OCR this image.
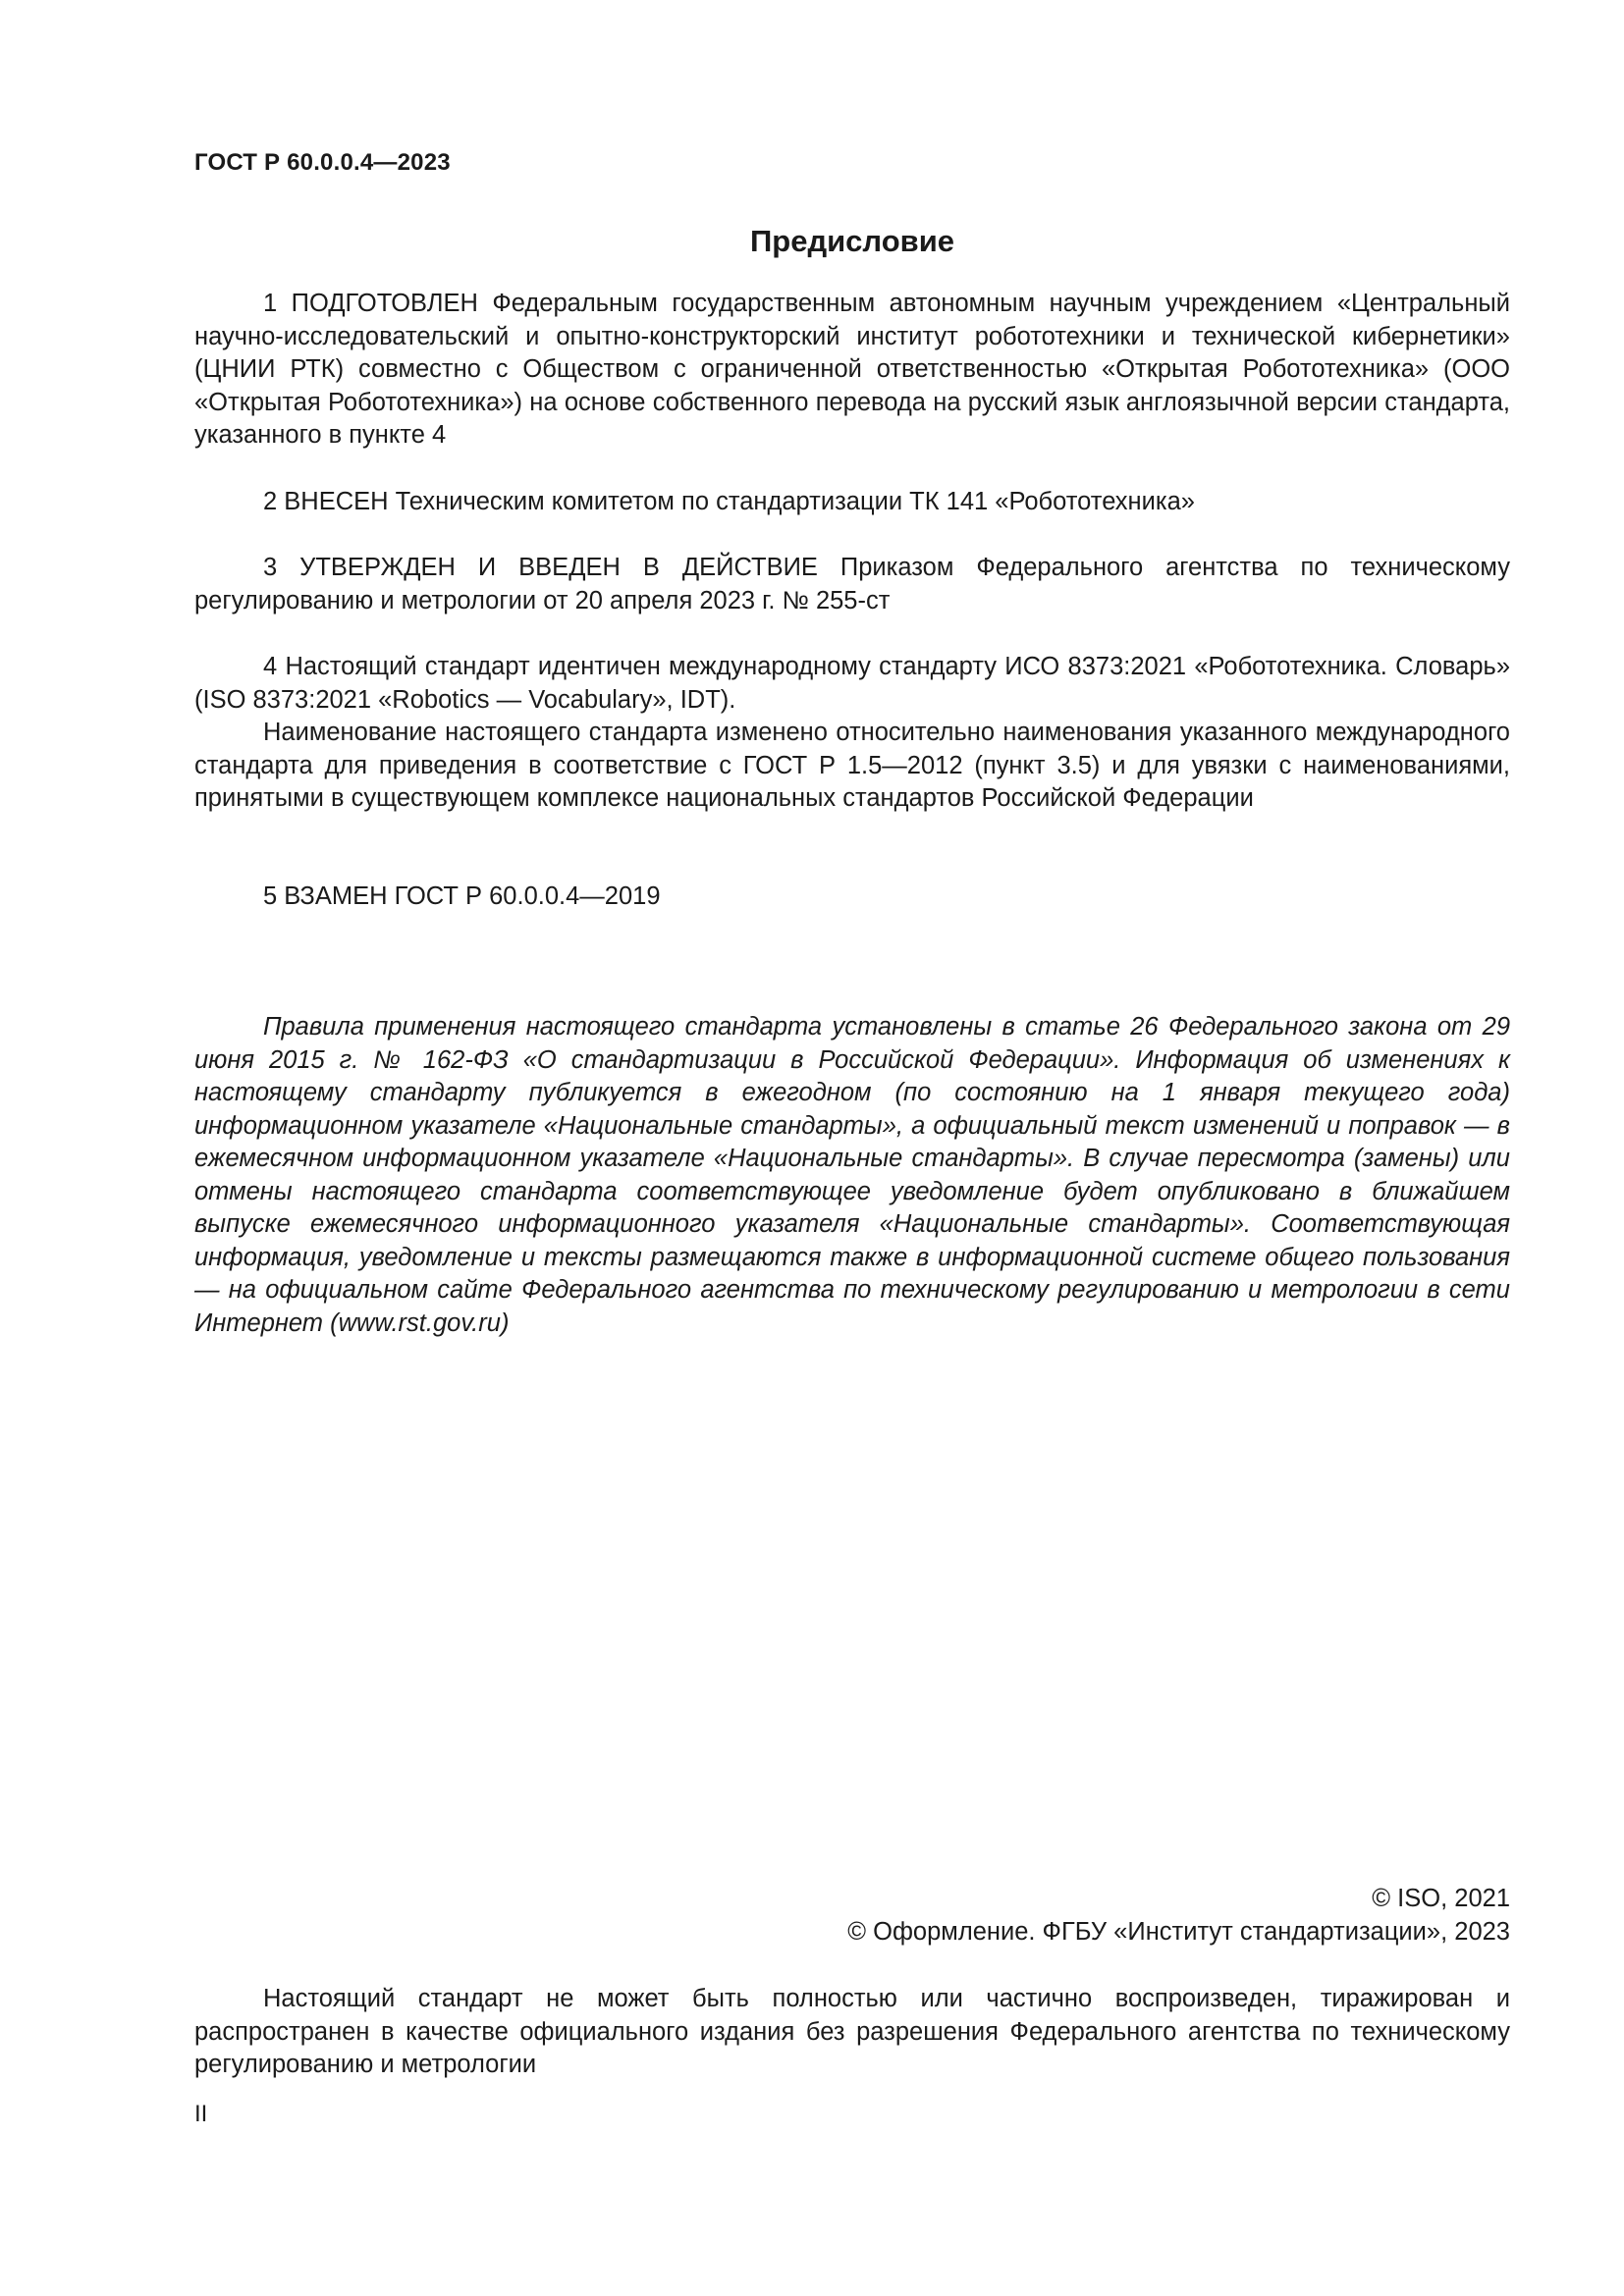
ГОСТ Р 60.0.0.4—2023
Предисловие

1 ПОДГОТОВЛЕН Федеральным государственным автономным научным учреждением «Центральный научно-исследовательский и опытно-конструкторский институт робототехники и технической кибернетики» (ЦНИИ РТК) совместно с Обществом с ограниченной ответственностью «Открытая Робототехника» (ООО «Открытая Робототехника») на основе собственного перевода на русский язык англоязычной версии стандарта, указанного в пункте 4

2 ВНЕСЕН Техническим комитетом по стандартизации ТК 141 «Робототехника»

3 УТВЕРЖДЕН И ВВЕДЕН В ДЕЙСТВИЕ Приказом Федерального агентства по техническому регулированию и метрологии от 20 апреля 2023 г. № 255-ст

4 Настоящий стандарт идентичен международному стандарту ИСО 8373:2021 «Робототехника. Словарь» (ISO 8373:2021 «Robotics — Vocabulary», IDT).

Наименование настоящего стандарта изменено относительно наименования указанного международного стандарта для приведения в соответствие с ГОСТ Р 1.5—2012 (пункт 3.5) и для увязки с наименованиями, принятыми в существующем комплексе национальных стандартов Российской Федерации

5 ВЗАМЕН ГОСТ Р 60.0.0.4—2019

Правила применения настоящего стандарта установлены в статье 26 Федерального закона от 29 июня 2015 г. № 162-ФЗ «О стандартизации в Российской Федерации». Информация об изменениях к настоящему стандарту публикуется в ежегодном (по состоянию на 1 января текущего года) информационном указателе «Национальные стандарты», а официальный текст изменений и поправок — в ежемесячном информационном указателе «Национальные стандарты». В случае пересмотра (замены) или отмены настоящего стандарта соответствующее уведомление будет опубликовано в ближайшем выпуске ежемесячного информационного указателя «Национальные стандарты». Соответствующая информация, уведомление и тексты размещаются также в информационной системе общего пользования — на официальном сайте Федерального агентства по техническому регулированию и метрологии в сети Интернет (www.rst.gov.ru)

© ISO, 2021
© Оформление. ФГБУ «Институт стандартизации», 2023

Настоящий стандарт не может быть полностью или частично воспроизведен, тиражирован и распространен в качестве официального издания без разрешения Федерального агентства по техническому регулированию и метрологии

II
